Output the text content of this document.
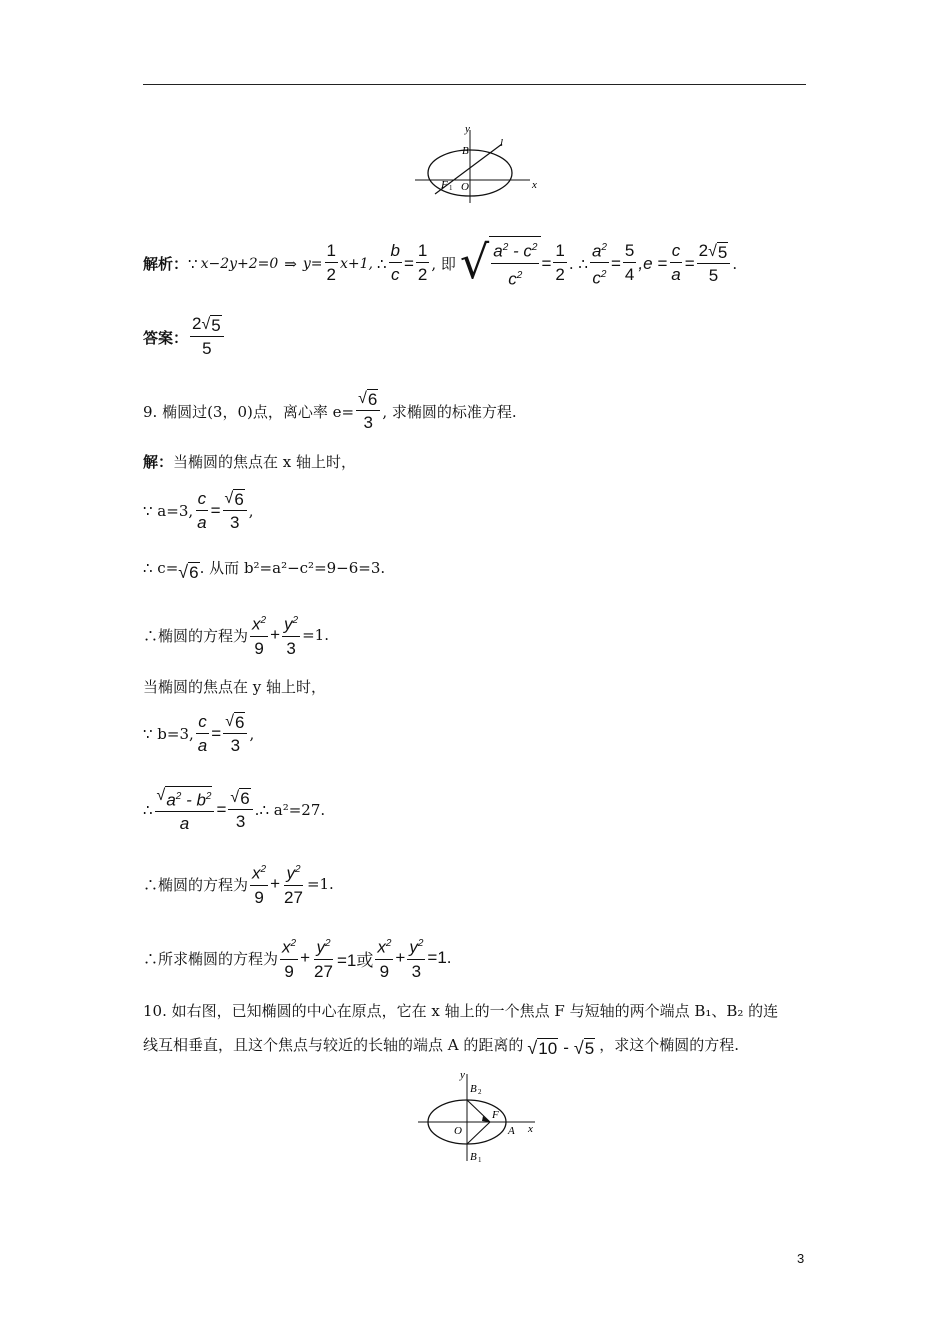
y
x
l
B
O
F 1
解析： ∵ x−2y+2=0 ⇒ $y= \frac{1}{2} x+1$, ∴ $\frac{b}{c} = \frac{1}{2}$ , 即 √ $\frac{a^2 - c^2}{c^2} = \frac{1}{2}$ . ∴ $\frac{a^2}{c^2} = \frac{5}{4} ,e = \frac{c}{a} = \frac{2 √ 5}{5}$ .
答案： $\frac{2 √ 5}{5}$
9. 椭圆过(3，0)点，离心率 $e= \frac{√ 6}{3}$ , 求椭圆的标准方程.
解： 当椭圆的焦点在 x 轴上时，
∵ a=3, $\frac{c}{a} = \frac{√ 6}{3}$ ,
∴ c= √ 6 . 从而 b²=a²−c²=9−6=3.
∴椭圆的方程为 $\frac{x^2}{9} + \frac{y^2}{3} =1$.
当椭圆的焦点在 y 轴上时，
∵ b=3, $\frac{c}{a} = \frac{√ 6}{3}$ ,
∴ $\frac{√ a^2 - b^2}{a} = \frac{√ 6}{3}$ . ∴ a²=27.
∴椭圆的方程为 $\frac{x^2}{9} + \frac{y^2}{27} =1$.
∴所求椭圆的方程为 $\frac{x^2}{9} + \frac{y^2}{27} =1$或 $\frac{x^2}{9} + \frac{y^2}{3} =1$.
10. 如右图，已知椭圆的中心在原点，它在 x 轴上的一个焦点 F 与短轴的两个端点 B₁、B₂ 的连
线互相垂直，且这个焦点与较近的长轴的端点 A 的距离的 √ 10 - √ 5 ，求这个椭圆的方程.
y
x
B 2
B 1
F
A
O
3
